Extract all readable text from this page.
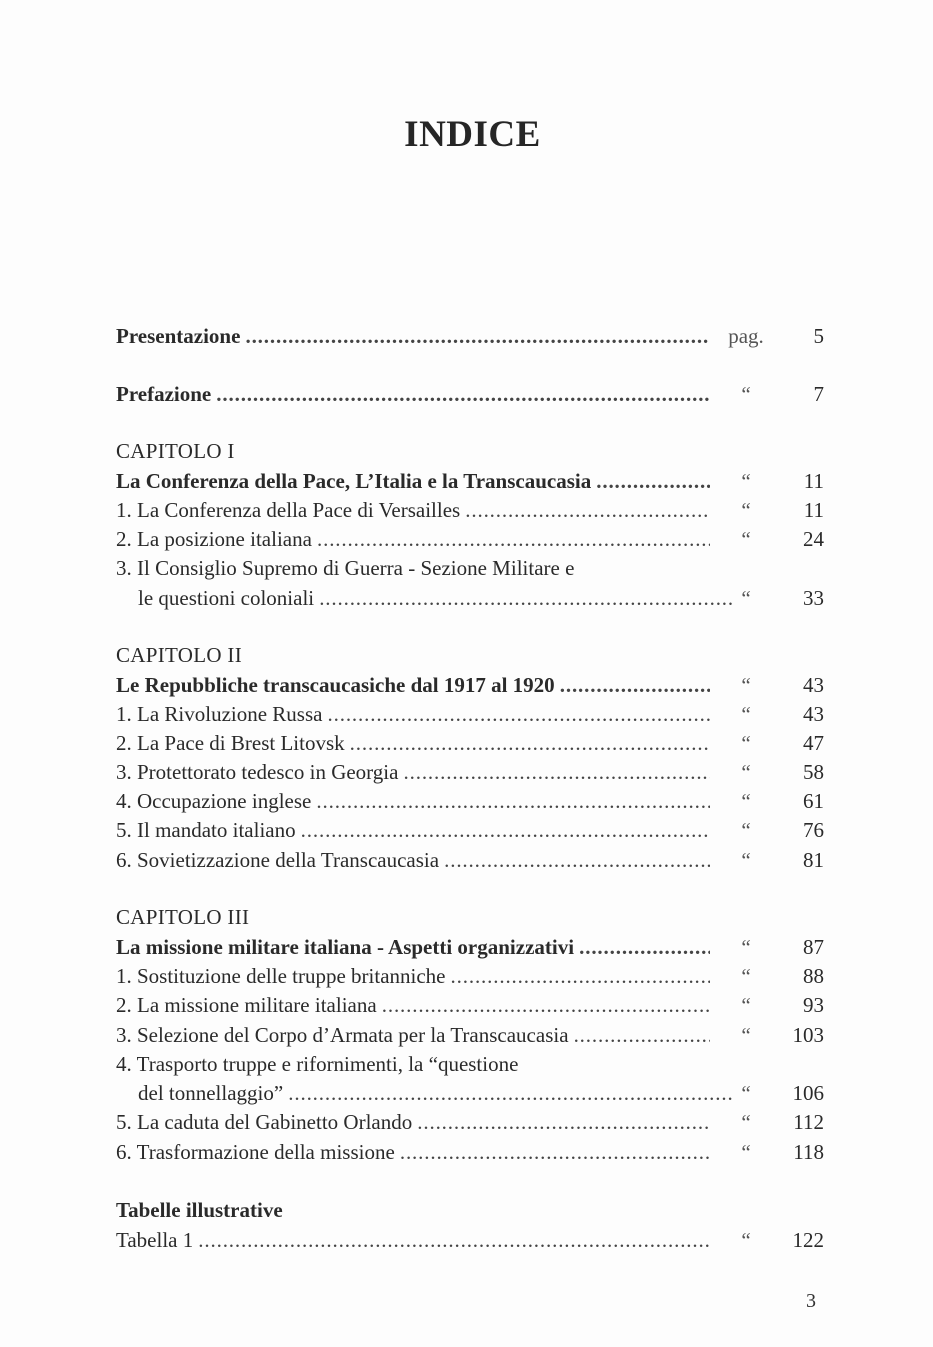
INDICE
Presentazione . . .	pag.	5
Prefazione . . .	“	7
CAPITOLO I
La Conferenza della Pace, L’Italia e la Transcaucasia . . .	“	11
1. La Conferenza della Pace di Versailles . . .	“	11
2. La posizione italiana . . .	“	24
3. Il Consiglio Supremo di Guerra - Sezione Militare e
le questioni coloniali . . .	“	33
CAPITOLO II
Le Repubbliche transcaucasiche dal 1917 al 1920 . . .	“	43
1. La Rivoluzione Russa . . .	“	43
2. La Pace di Brest Litovsk . . .	“	47
3. Protettorato tedesco in Georgia . . .	“	58
4. Occupazione inglese . . .	“	61
5. Il mandato italiano . . .	“	76
6. Sovietizzazione della Transcaucasia . . .	“	81
CAPITOLO III
La missione militare italiana - Aspetti organizzativi . . .	“	87
1. Sostituzione delle truppe britanniche . . .	“	88
2. La missione militare italiana . . .	“	93
3. Selezione del Corpo d’Armata per la Transcaucasia . . .	“	103
4. Trasporto truppe e rifornimenti, la “questione
del tonnellaggio” . . .	“	106
5. La caduta del Gabinetto Orlando . . .	“	112
6. Trasformazione della missione . . .	“	118
Tabelle illustrative
Tabella 1 . . .	“	122
3
